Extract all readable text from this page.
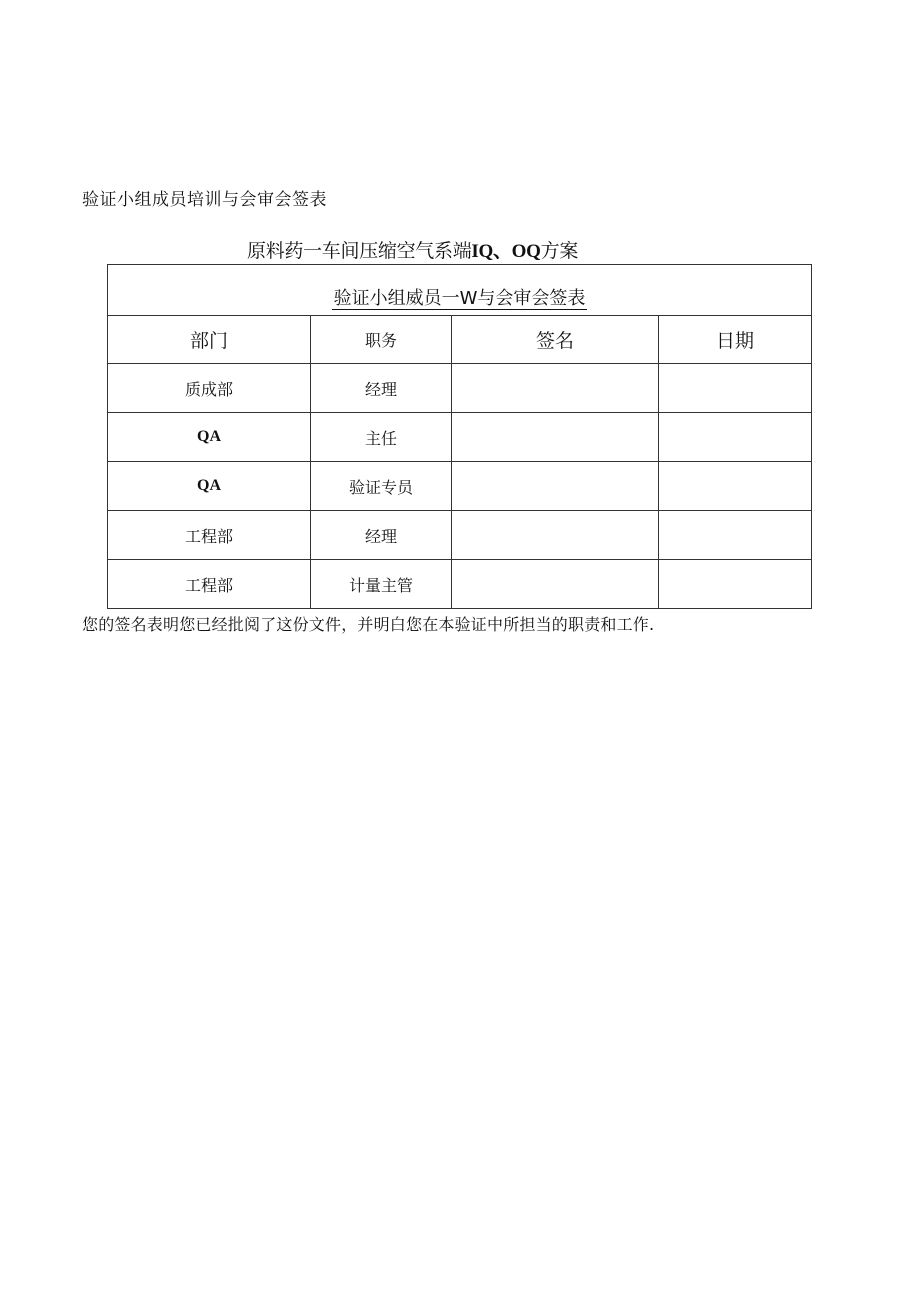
验证小组成员培训与会审会签表
原料药一车间压缩空气系端IQ、OQ方案
验证小组威员一W与会审会签表			
部门	职务	签名	日期
质成部	经理		
QA	主任		
QA	验证专员		
工程部	经理		
工程部	计量主管		
您的签名表明您已经批阅了这份文件，并明白您在本验证中所担当的职责和工作.
